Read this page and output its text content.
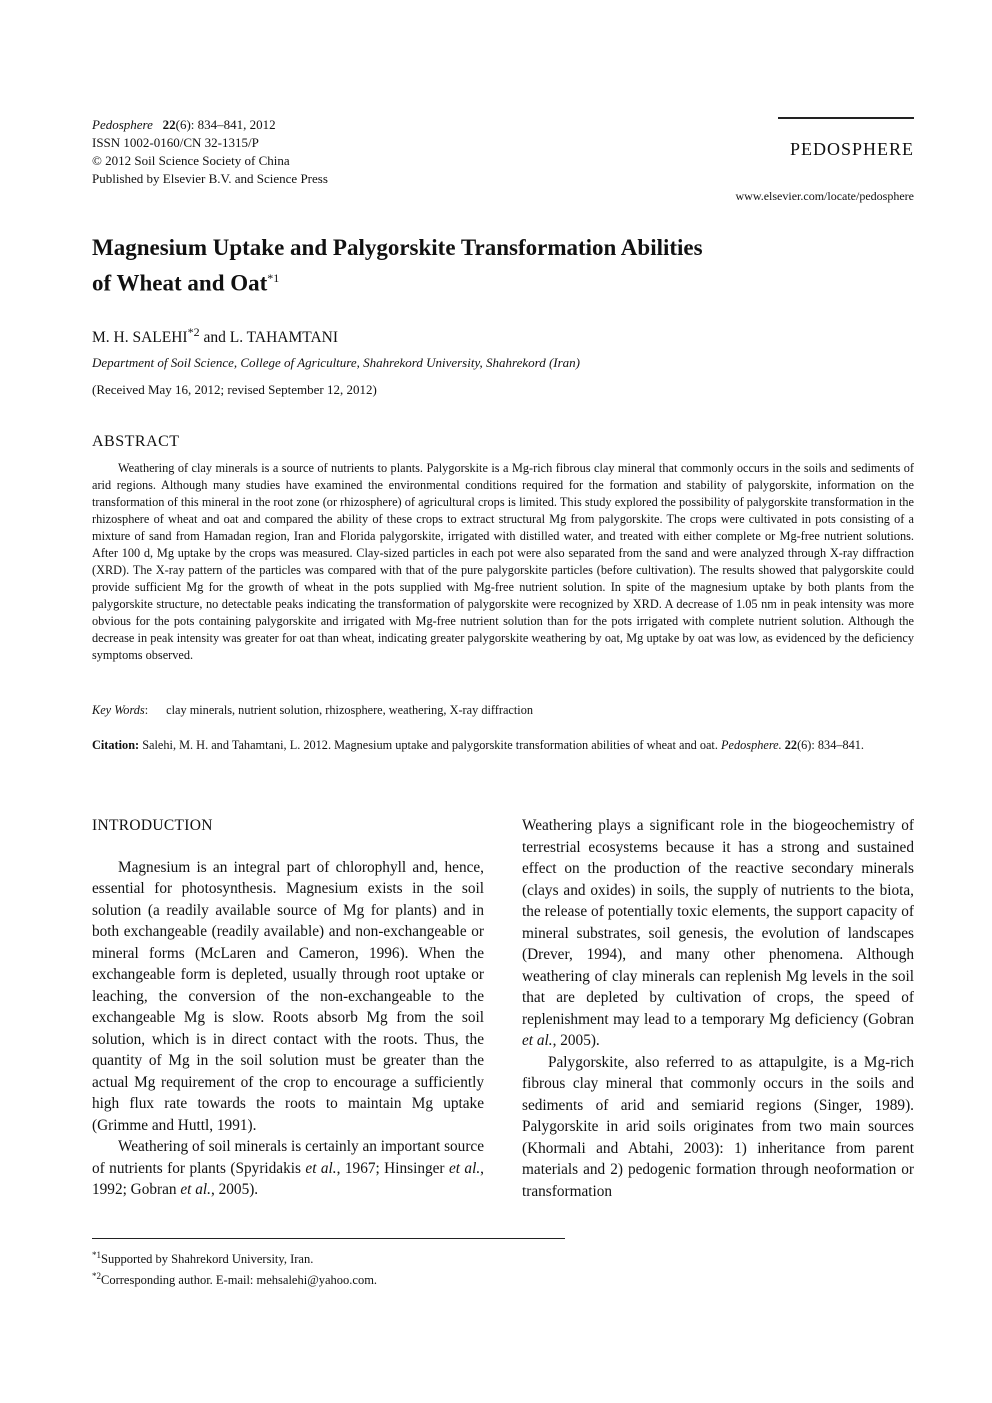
Pedosphere 22(6): 834–841, 2012
ISSN 1002-0160/CN 32-1315/P
© 2012 Soil Science Society of China
Published by Elsevier B.V. and Science Press
PEDOSPHERE
www.elsevier.com/locate/pedosphere
Magnesium Uptake and Palygorskite Transformation Abilities
of Wheat and Oat$^{*1}$
M. H. SALEHI$^{*2}$ and L. TAHAMTANI
Department of Soil Science, College of Agriculture, Shahrekord University, Shahrekord (Iran)
(Received May 16, 2012; revised September 12, 2012)
ABSTRACT

Weathering of clay minerals is a source of nutrients to plants. Palygorskite is a Mg-rich fibrous clay mineral that commonly occurs in the soils and sediments of arid regions. Although many studies have examined the environmental conditions required for the formation and stability of palygorskite, information on the transformation of this mineral in the root zone (or rhizosphere) of agricultural crops is limited. This study explored the possibility of palygorskite transformation in the rhizosphere of wheat and oat and compared the ability of these crops to extract structural Mg from palygorskite. The crops were cultivated in pots consisting of a mixture of sand from Hamadan region, Iran and Florida palygorskite, irrigated with distilled water, and treated with either complete or Mg-free nutrient solutions. After 100 d, Mg uptake by the crops was measured. Clay-sized particles in each pot were also separated from the sand and were analyzed through X-ray diffraction (XRD). The X-ray pattern of the particles was compared with that of the pure palygorskite particles (before cultivation). The results showed that palygorskite could provide sufficient Mg for the growth of wheat in the pots supplied with Mg-free nutrient solution. In spite of the magnesium uptake by both plants from the palygorskite structure, no detectable peaks indicating the transformation of palygorskite were recognized by XRD. A decrease of 1.05 nm in peak intensity was more obvious for the pots containing palygorskite and irrigated with Mg-free nutrient solution than for the pots irrigated with complete nutrient solution. Although the decrease in peak intensity was greater for oat than wheat, indicating greater palygorskite weathering by oat, Mg uptake by oat was low, as evidenced by the deficiency symptoms observed.

Key Words: clay minerals, nutrient solution, rhizosphere, weathering, X-ray diffraction
Citation: Salehi, M. H. and Tahamtani, L. 2012. Magnesium uptake and palygorskite transformation abilities of wheat and oat. Pedosphere. 22(6): 834–841.
INTRODUCTION

Magnesium is an integral part of chlorophyll and, hence, essential for photosynthesis. Magnesium exists in the soil solution (a readily available source of Mg for plants) and in both exchangeable (readily available) and non-exchangeable or mineral forms (McLaren and Cameron, 1996). When the exchangeable form is depleted, usually through root uptake or leaching, the conversion of the non-exchangeable to the exchangeable Mg is slow. Roots absorb Mg from the soil solution, which is in direct contact with the roots. Thus, the quantity of Mg in the soil solution must be greater than the actual Mg requirement of the crop to encourage a sufficiently high flux rate towards the roots to maintain Mg uptake (Grimme and Huttl, 1991).

Weathering of soil minerals is certainly an important source of nutrients for plants (Spyridakis et al., 1967; Hinsinger et al., 1992; Gobran et al., 2005).

Weathering plays a significant role in the biogeochemistry of terrestrial ecosystems because it has a strong and sustained effect on the production of the reactive secondary minerals (clays and oxides) in soils, the supply of nutrients to the biota, the release of potentially toxic elements, the support capacity of mineral substrates, soil genesis, the evolution of landscapes (Drever, 1994), and many other phenomena. Although weathering of clay minerals can replenish Mg levels in the soil that are depleted by cultivation of crops, the speed of replenishment may lead to a temporary Mg deficiency (Gobran et al., 2005).

Palygorskite, also referred to as attapulgite, is a Mg-rich fibrous clay mineral that commonly occurs in the soils and sediments of arid and semiarid regions (Singer, 1989). Palygorskite in arid soils originates from two main sources (Khormali and Abtahi, 2003): 1) inheritance from parent materials and 2) pedogenic formation through neoformation or transformation

$^{*1}$Supported by Shahrekord University, Iran.
$^{*2}$Corresponding author. E-mail: mehsalehi@yahoo.com.
